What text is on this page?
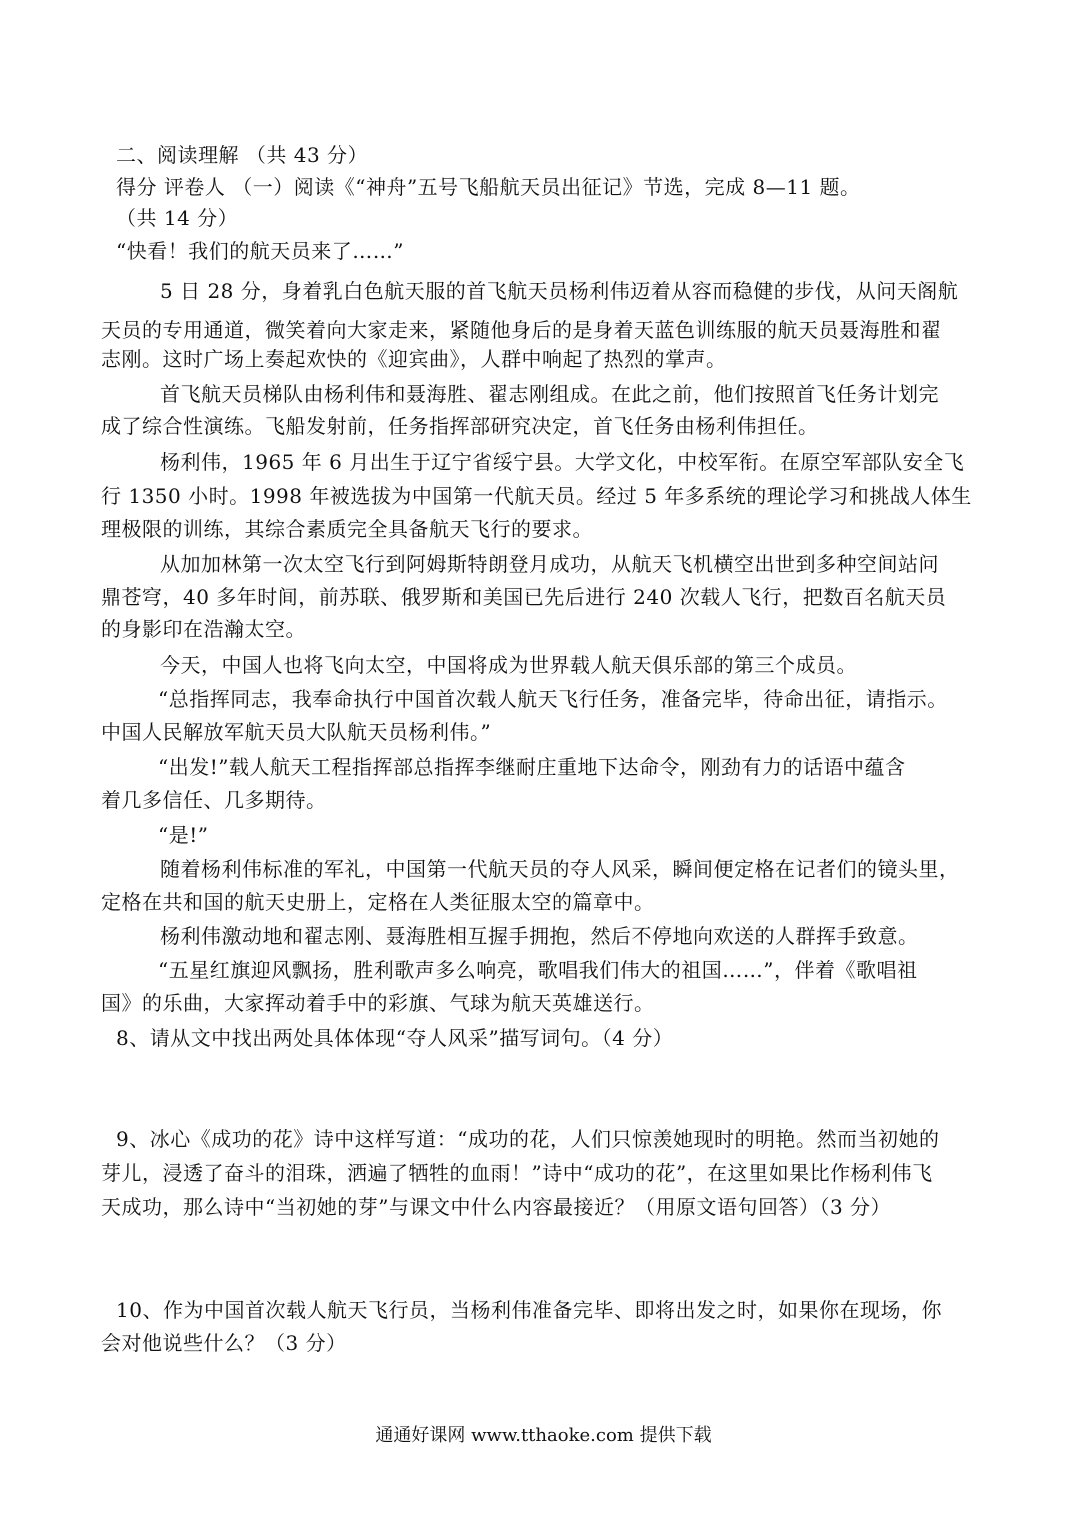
二、阅读理解 （共 43 分）
得分 评卷人 （一）阅读《“神舟”五号飞船航天员出征记》节选，完成 8—11 题。
（共 14 分）
“快看！我们的航天员来了……”
5 日 28 分，身着乳白色航天服的首飞航天员杨利伟迈着从容而稳健的步伐，从问天阁航
天员的专用通道，微笑着向大家走来，紧随他身后的是身着天蓝色训练服的航天员聂海胜和翟
志刚。这时广场上奏起欢快的《迎宾曲》，人群中响起了热烈的掌声。
首飞航天员梯队由杨利伟和聂海胜、翟志刚组成。在此之前，他们按照首飞任务计划完
成了综合性演练。飞船发射前，任务指挥部研究决定，首飞任务由杨利伟担任。
杨利伟，1965 年 6 月出生于辽宁省绥宁县。大学文化，中校军衔。在原空军部队安全飞
行 1350 小时。1998 年被选拔为中国第一代航天员。经过 5 年多系统的理论学习和挑战人体生
理极限的训练，其综合素质完全具备航天飞行的要求。
从加加林第一次太空飞行到阿姆斯特朗登月成功，从航天飞机横空出世到多种空间站问
鼎苍穹，40 多年时间，前苏联、俄罗斯和美国已先后进行 240 次载人飞行，把数百名航天员
的身影印在浩瀚太空。
今天，中国人也将飞向太空，中国将成为世界载人航天俱乐部的第三个成员。
“总指挥同志，我奉命执行中国首次载人航天飞行任务，准备完毕，待命出征，请指示。
中国人民解放军航天员大队航天员杨利伟。”
“出发!”载人航天工程指挥部总指挥李继耐庄重地下达命令，刚劲有力的话语中蕴含
着几多信任、几多期待。
“是!”
随着杨利伟标准的军礼，中国第一代航天员的夺人风采，瞬间便定格在记者们的镜头里，
定格在共和国的航天史册上，定格在人类征服太空的篇章中。
杨利伟激动地和翟志刚、聂海胜相互握手拥抱，然后不停地向欢送的人群挥手致意。
“五星红旗迎风飘扬，胜利歌声多么响亮，歌唱我们伟大的祖国……”，伴着《歌唱祖
国》的乐曲，大家挥动着手中的彩旗、气球为航天英雄送行。
8、请从文中找出两处具体体现“夺人风采”描写词句。（4 分）
9、冰心《成功的花》诗中这样写道：“成功的花，人们只惊羡她现时的明艳。然而当初她的
芽儿，浸透了奋斗的泪珠，洒遍了牺牲的血雨！”诗中“成功的花”，在这里如果比作杨利伟飞
天成功，那么诗中“当初她的芽”与课文中什么内容最接近？（用原文语句回答）（3 分）
10、作为中国首次载人航天飞行员，当杨利伟准备完毕、即将出发之时，如果你在现场，你
会对他说些什么？（3 分）
通通好课网 www.tthaoke.com 提供下载
